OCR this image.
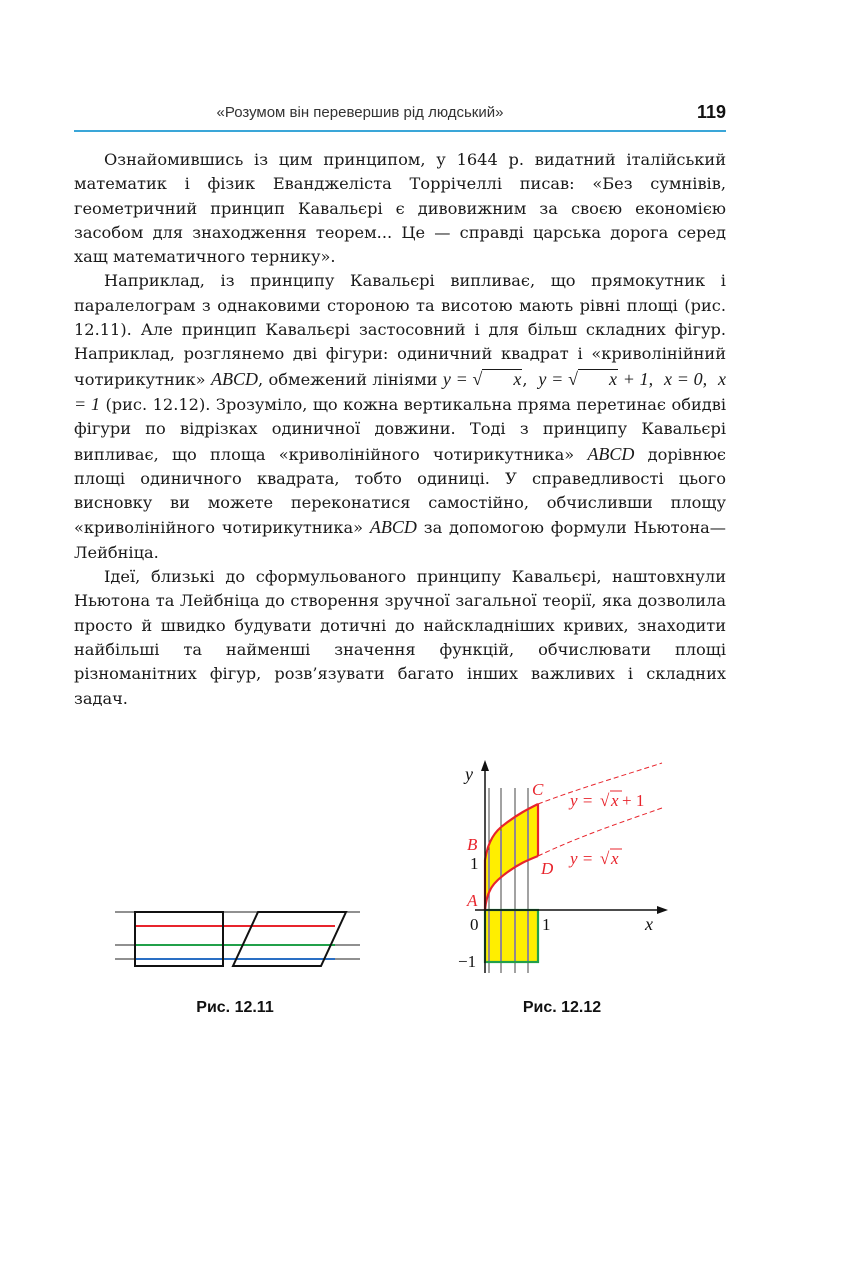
«Розумом він перевершив рід людський»	119

Ознайомившись із цим принципом, у 1644 р. видатний італійський математик і фізик Еванджеліста Торрічеллі писав: «Без сумнівів, геометричний принцип Кавальєрі є дивовижним за своєю економією засобом для знаходження теорем... Це — справді царська дорога серед хащ математичного тернику».

Наприклад, із принципу Кавальєрі випливає, що прямокутник і паралелограм з однаковими стороною та висотою мають рівні площі (рис. 12.11). Але принцип Кавальєрі застосовний і для більш складних фігур. Наприклад, розглянемо дві фігури: одиничний квадрат і «криволінійний чотирикутник» ABCD, обмежений лініями y = √ x,  y = √ x + 1, x = 0, x = 1 (рис. 12.12). Зрозуміло, що кожна вертикальна пряма перетинає обидві фігури по відрізках одиничної довжини. Тоді з принципу Кавальєрі випливає, що площа «криволінійного чотирикутника» ABCD дорівнює площі одиничного квадрата, тобто одиниці. У справедливості цього висновку ви можете переконатися самостійно, обчисливши площу «криволінійного чотирикутника» ABCD за допомогою формули Ньютона—Лейбніца.

Ідеї, близькі до сформульованого принципу Кавальєрі, наштовхнули Ньютона та Лейбніца до створення зручної загальної теорії, яка дозволила просто й швидко будувати дотичні до найскладніших кривих, знаходити найбільші та найменші значення функцій, обчислювати площі різноманітних фігур, розв’язувати багато інших важливих і складних задач.

Рис. 12.11
y
x
A
B
C
D
1
0	1
−1
y = √ x + 1
y = √ x
Рис. 12.12
